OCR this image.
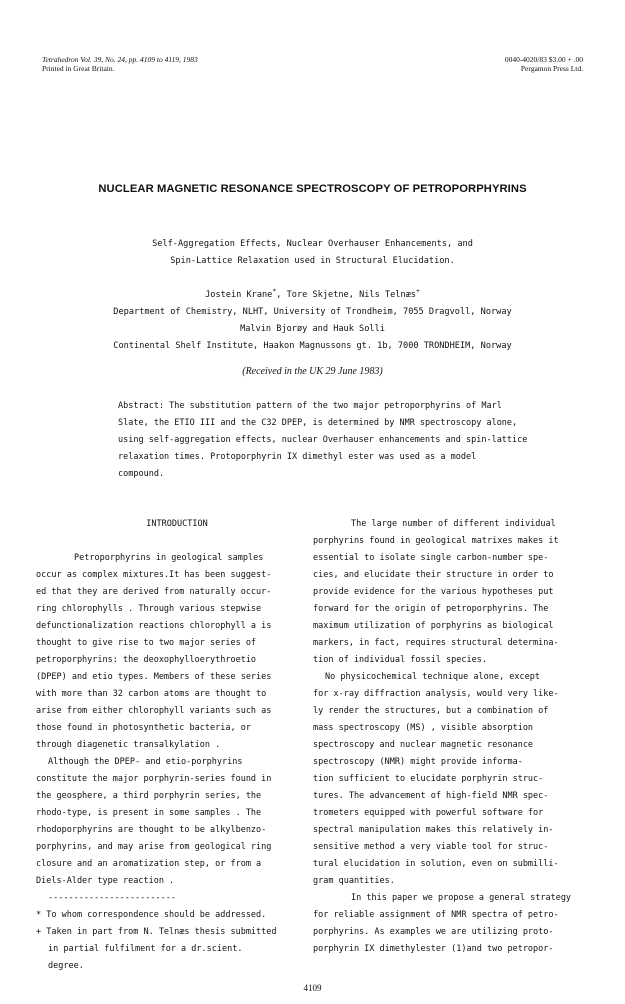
Tetrahedron Vol. 39, No. 24, pp. 4109 to 4119, 1983
Printed in Great Britain.
0040-4020/83 $3.00 + .00
Pergamon Press Ltd.
NUCLEAR MAGNETIC RESONANCE SPECTROSCOPY OF PETROPORPHYRINS
Self-Aggregation Effects, Nuclear Overhauser Enhancements, and
Spin-Lattice Relaxation used in Structural Elucidation.
Jostein Krane*, Tore Skjetne, Nils Telnæs+
Department of Chemistry, NLHT, University of Trondheim, 7055 Dragvoll, Norway
Malvin Bjorøy and Hauk Solli
Continental Shelf Institute, Haakon Magnussons gt. 1b, 7000 TRONDHEIM, Norway
(Received in the UK 29 June 1983)
Abstract: The substitution pattern of the two major petroporphyrins of Marl
Slate, the ETIO III and the C32 DPEP, is determined by NMR spectroscopy alone,
using self-aggregation effects, nuclear Overhauser enhancements and spin-lattice
relaxation times. Protoporphyrin IX dimethyl ester was used as a model
compound.
INTRODUCTION

Petroporphyrins in geological samples
occur as complex mixtures.It has been suggest-
ed that they are derived from naturally occur-
ring chlorophylls . Through various stepwise
defunctionalization reactions chlorophyll a is
thought to give rise to two major series of
petroporphyrins: the deoxophylloerythroetio
(DPEP) and etio types. Members of these series
with more than 32 carbon atoms are thought to
arise from either chlorophyll variants such as
those found in photosynthetic bacteria, or
through diagenetic transalkylation .
Although the DPEP- and etio-porphyrins
constitute the major porphyrin-series found in
the geosphere, a third porphyrin series, the
rhodo-type, is present in some samples . The
rhodoporphyrins are thought to be alkylbenzo-
porphyrins, and may arise from geological ring
closure and an aromatization step, or from a
Diels-Alder type reaction .
-------------------------
* To whom correspondence should be addressed.
+ Taken in part from N. Telnæs thesis submitted
in partial fulfilment for a dr.scient.
degree.
The large number of different individual
porphyrins found in geological matrixes makes it
essential to isolate single carbon-number spe-
cies, and elucidate their structure in order to
provide evidence for the various hypotheses put
forward for the origin of petroporphyrins. The
maximum utilization of porphyrins as biological
markers, in fact, requires structural determina-
tion of individual fossil species.
No physicochemical technique alone, except
for x-ray diffraction analysis, would very like-
ly render the structures, but a combination of
mass spectroscopy (MS) , visible absorption
spectroscopy and nuclear magnetic resonance
spectroscopy (NMR) might provide informa-
tion sufficient to elucidate porphyrin struc-
tures. The advancement of high-field NMR spec-
trometers equipped with powerful software for
spectral manipulation makes this relatively in-
sensitive method a very viable tool for struc-
tural elucidation in solution, even on submilli-
gram quantities.
In this paper we propose a general strategy
for reliable assignment of NMR spectra of petro-
porphyrins. As examples we are utilizing proto-
porphyrin IX dimethylester (1)and two petropor-
4109
